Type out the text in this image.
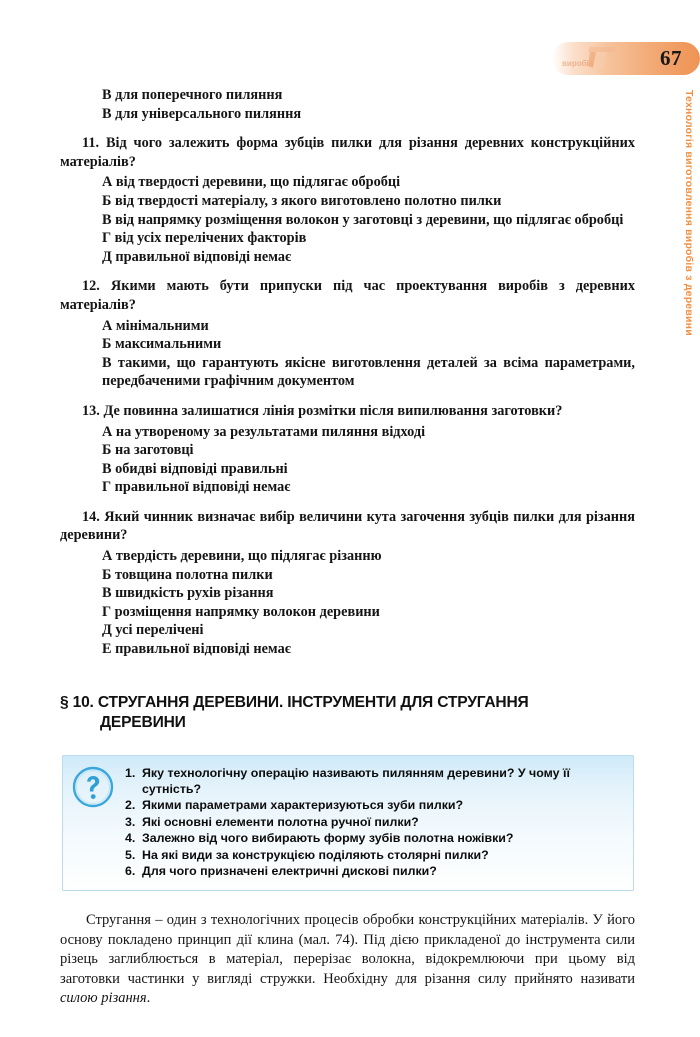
виробів	67
Технологія виготовлення виробів з деревини
В для поперечного пиляння
В для універсального пиляння
11. Від чого залежить форма зубців пилки для різання деревних конструкційних матеріалів?
А від твердості деревини, що підлягає обробці
Б від твердості матеріалу, з якого виготовлено полотно пилки
В від напрямку розміщення волокон у заготовці з деревини, що підлягає обробці
Г від усіх перелічених факторів
Д правильної відповіді немає
12. Якими мають бути припуски під час проектування виробів з деревних матеріалів?
А мінімальними
Б максимальними
В такими, що гарантують якісне виготовлення деталей за всіма параметрами, передбаченими графічним документом
13. Де повинна залишатися лінія розмітки після випилювання заготовки?
А на утвореному за результатами пиляння відході
Б на заготовці
В обидві відповіді правильні
Г правильної відповіді немає
14. Який чинник визначає вибір величини кута загочення зубців пилки для різання деревини?
А твердість деревини, що підлягає різанню
Б товщина полотна пилки
В швидкість рухів різання
Г розміщення напрямку волокон деревини
Д усі перелічені
Е правильної відповіді немає
§ 10. СТРУГАННЯ ДЕРЕВИНИ. ІНСТРУМЕНТИ ДЛЯ СТРУГАННЯ
ДЕРЕВИНИ
1. Яку технологічну операцію називають пилянням деревини? У чому її сутність?
2. Якими параметрами характеризуються зуби пилки?
3. Які основні елементи полотна ручної пилки?
4. Залежно від чого вибирають форму зубів полотна ножівки?
5. На які види за конструкцією поділяють столярні пилки?
6. Для чого призначені електричні дискові пилки?

Стругання – один з технологічних процесів обробки конструкційних матеріалів. У його основу покладено принцип дії клина (мал. 74). Під дією прикладеної до інструмента сили різець заглиблюється в матеріал, перерізає волокна, відокремлюючи при цьому від заготовки частинки у вигляді стружки. Необхідну для різання силу прийнято називати силою різання.
